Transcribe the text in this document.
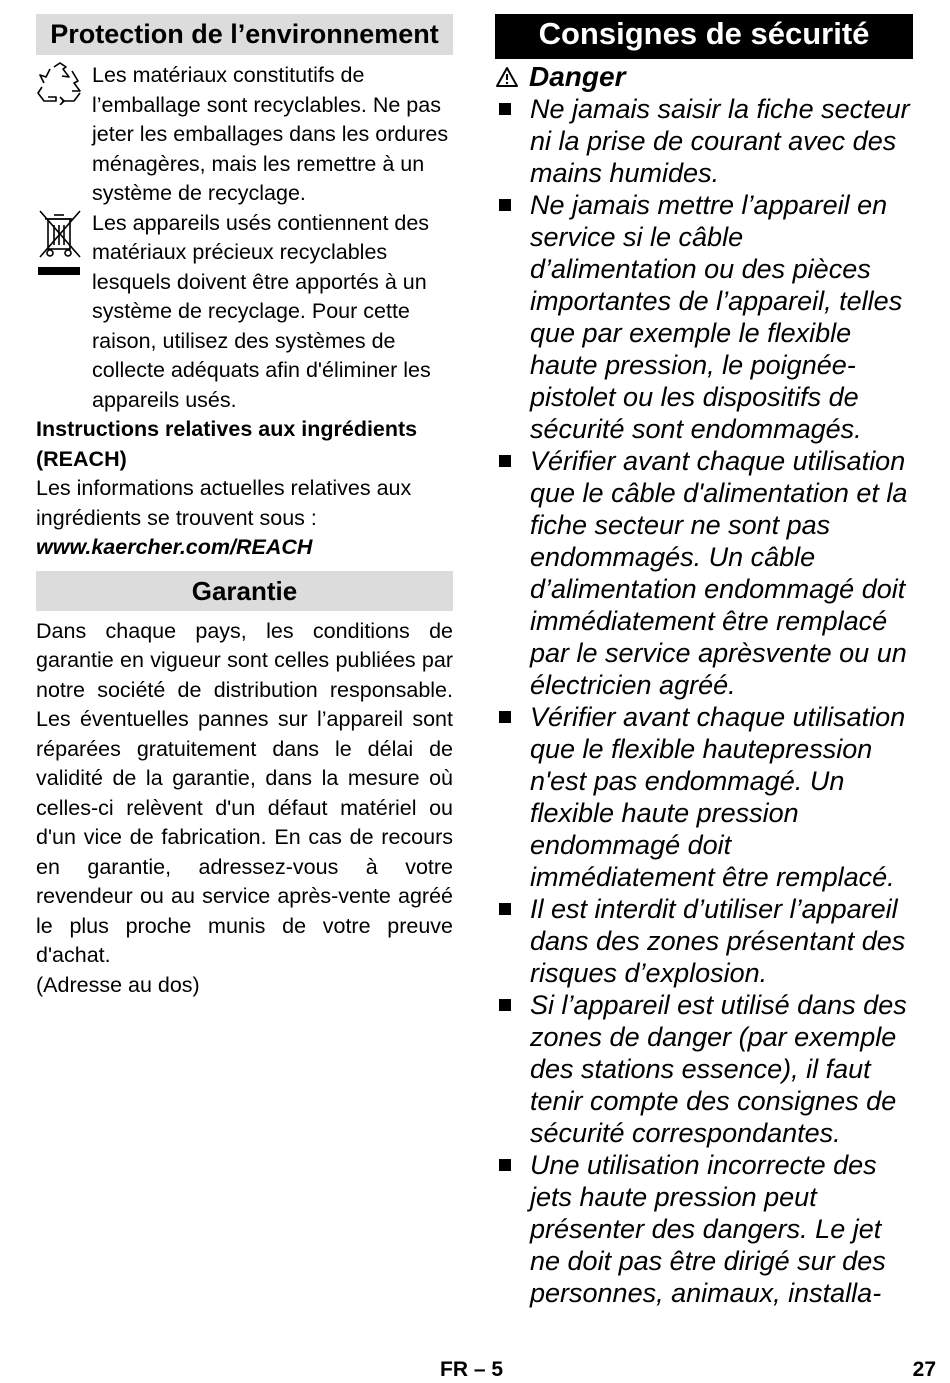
Protection de l’environnement

Les matériaux constitutifs de l’emballage sont recyclables. Ne pas jeter les emballages dans les ordures ménagères, mais les remettre à un système de recyclage.

Les appareils usés contiennent des matériaux précieux recyclables lesquels doivent être apportés à un système de recyclage. Pour cette raison, utilisez des systèmes de collecte adéquats afin d'éliminer les appareils usés.

Instructions relatives aux ingrédients (REACH)

Les informations actuelles relatives aux ingrédients se trouvent sous :

www.kaercher.com/REACH

Garantie

Dans chaque pays, les conditions de garantie en vigueur sont celles publiées par notre société de distribution responsable. Les éventuelles pannes sur l’appareil sont réparées gratuitement dans le délai de validité de la garantie, dans la mesure où celles-ci relèvent d'un défaut matériel ou d'un vice de fabrication. En cas de recours en garantie, adressez-vous à votre revendeur ou au service après-vente agréé le plus proche munis de votre preuve d'achat.

(Adresse au dos)

Consignes de sécurité
Danger
Ne jamais saisir la fiche secteur ni la prise de courant avec des mains humides.
Ne jamais mettre l’appareil en service si le câble d’alimentation ou des pièces importantes de l’appareil, telles que par exemple le flexible haute pression, le poignée-pistolet ou les dispositifs de sécurité sont endommagés.
Vérifier avant chaque utilisation que le câble d'alimentation et la fiche secteur ne sont pas endommagés. Un câble d’alimentation endommagé doit immédiatement être remplacé par le service aprèsvente ou un électricien agréé.
Vérifier avant chaque utilisation que le flexible hautepression n'est pas endommagé. Un flexible haute pression endommagé doit immédiatement être remplacé.
Il est interdit d’utiliser l’appareil dans des zones présentant des risques d’explosion.
Si l’appareil est utilisé dans des zones de danger (par exemple des stations essence), il faut tenir compte des consignes de sécurité correspondantes.
Une utilisation incorrecte des jets haute pression peut présenter des dangers. Le jet ne doit pas être dirigé sur des personnes, animaux, installa-
FR – 5	27
